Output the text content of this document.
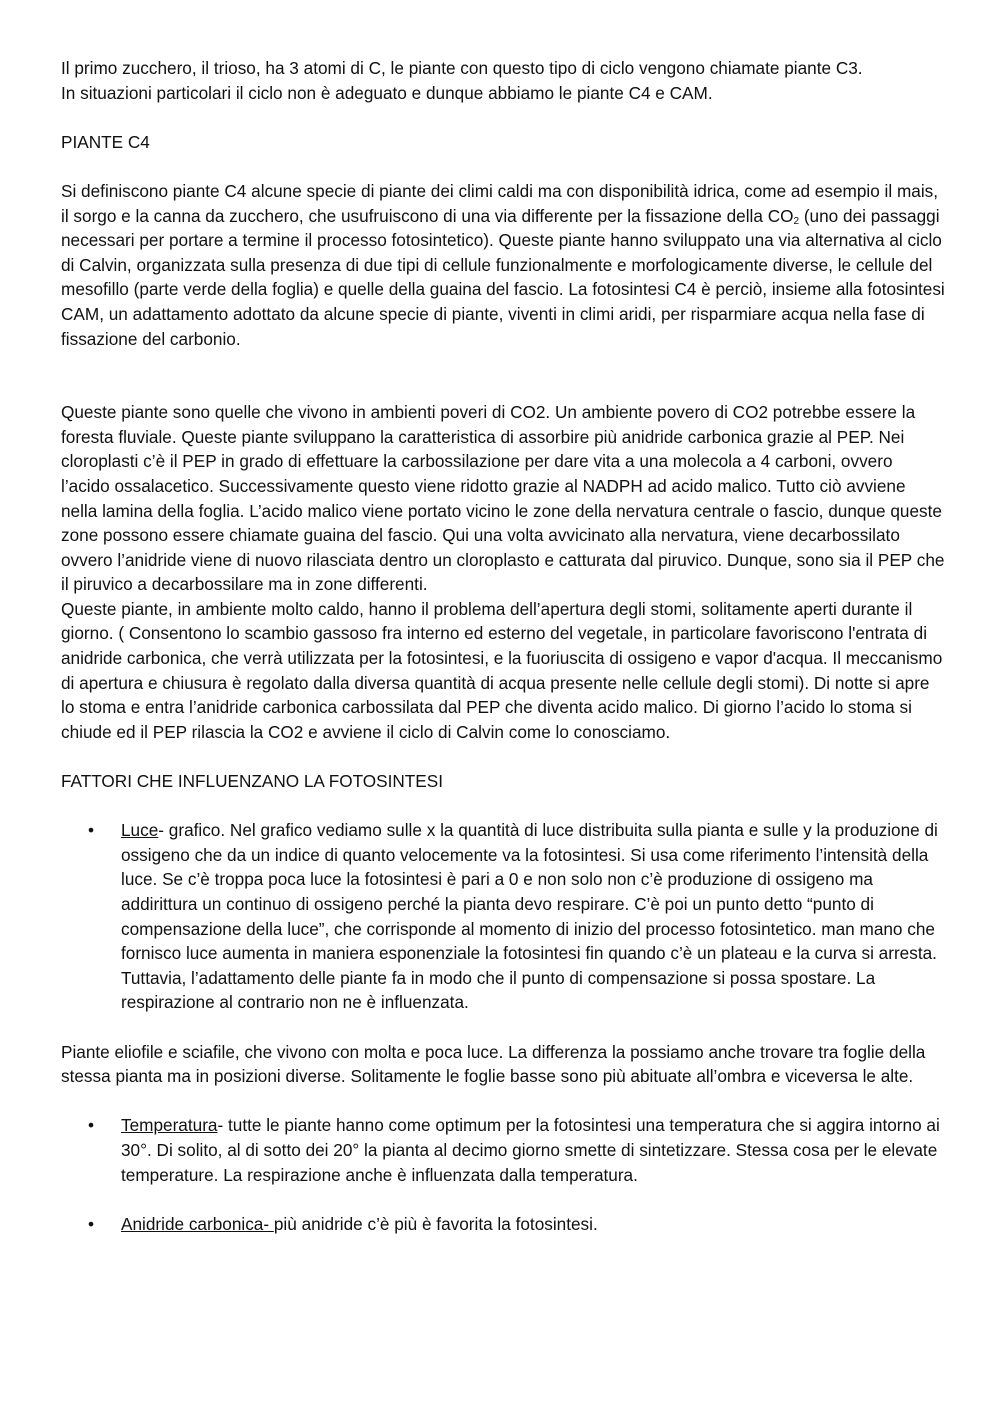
Il primo zucchero, il trioso, ha 3 atomi di C, le piante con questo tipo di ciclo vengono chiamate piante C3.

In situazioni particolari il ciclo non è adeguato e dunque abbiamo le piante C4 e CAM.

PIANTE C4

Si definiscono piante C4 alcune specie di piante dei climi caldi ma con disponibilità idrica, come ad esempio il mais, il sorgo e la canna da zucchero, che usufruiscono di una via differente per la fissazione della $CO_2$ (uno dei passaggi necessari per portare a termine il processo fotosintetico). Queste piante hanno sviluppato una via alternativa al ciclo di Calvin, organizzata sulla presenza di due tipi di cellule funzionalmente e morfologicamente diverse, le cellule del mesofillo (parte verde della foglia) e quelle della guaina del fascio. La fotosintesi C4 è perciò, insieme alla fotosintesi CAM, un adattamento adottato da alcune specie di piante, viventi in climi aridi, per risparmiare acqua nella fase di fissazione del carbonio.

Queste piante sono quelle che vivono in ambienti poveri di CO2. Un ambiente povero di CO2 potrebbe essere la foresta fluviale. Queste piante sviluppano la caratteristica di assorbire più anidride carbonica grazie al PEP. Nei cloroplasti c’è il PEP in grado di effettuare la carbossilazione per dare vita a una molecola a 4 carboni, ovvero l’acido ossalacetico. Successivamente questo viene ridotto grazie al NADPH ad acido malico. Tutto ciò avviene nella lamina della foglia. L’acido malico viene portato vicino le zone della nervatura centrale o fascio, dunque queste zone possono essere chiamate guaina del fascio. Qui una volta avvicinato alla nervatura, viene decarbossilato ovvero l’anidride viene di nuovo rilasciata dentro un cloroplasto e catturata dal piruvico. Dunque, sono sia il PEP che il piruvico a decarbossilare ma in zone differenti.

Queste piante, in ambiente molto caldo, hanno il problema dell’apertura degli stomi, solitamente aperti durante il giorno. ( Consentono lo scambio gassoso fra interno ed esterno del vegetale, in particolare favoriscono l'entrata di anidride carbonica, che verrà utilizzata per la fotosintesi, e la fuoriuscita di ossigeno e vapor d'acqua. Il meccanismo di apertura e chiusura è regolato dalla diversa quantità di acqua presente nelle cellule degli stomi). Di notte si apre lo stoma e entra l’anidride carbonica carbossilata dal PEP che diventa acido malico. Di giorno l’acido lo stoma si chiude ed il PEP rilascia la CO2 e avviene il ciclo di Calvin come lo conosciamo.

FATTORI CHE INFLUENZANO LA FOTOSINTESI

• Luce- grafico. Nel grafico vediamo sulle x la quantità di luce distribuita sulla pianta e sulle y la produzione di ossigeno che da un indice di quanto velocemente va la fotosintesi. Si usa come riferimento l’intensità della luce. Se c’è troppa poca luce la fotosintesi è pari a 0 e non solo non c’è produzione di ossigeno ma addirittura un continuo di ossigeno perché la pianta devo respirare. C’è poi un punto detto “punto di compensazione della luce”, che corrisponde al momento di inizio del processo fotosintetico. man mano che fornisco luce aumenta in maniera esponenziale la fotosintesi fin quando c’è un plateau e la curva si arresta. Tuttavia, l’adattamento delle piante fa in modo che il punto di compensazione si possa spostare. La respirazione al contrario non ne è influenzata.

Piante eliofile e sciafile, che vivono con molta e poca luce. La differenza la possiamo anche trovare tra foglie della stessa pianta ma in posizioni diverse. Solitamente le foglie basse sono più abituate all’ombra e viceversa le alte.

• Temperatura- tutte le piante hanno come optimum per la fotosintesi una temperatura che si aggira intorno ai 30°. Di solito, al di sotto dei 20° la pianta al decimo giorno smette di sintetizzare. Stessa cosa per le elevate temperature. La respirazione anche è influenzata dalla temperatura.
• Anidride carbonica- più anidride c’è più è favorita la fotosintesi.
